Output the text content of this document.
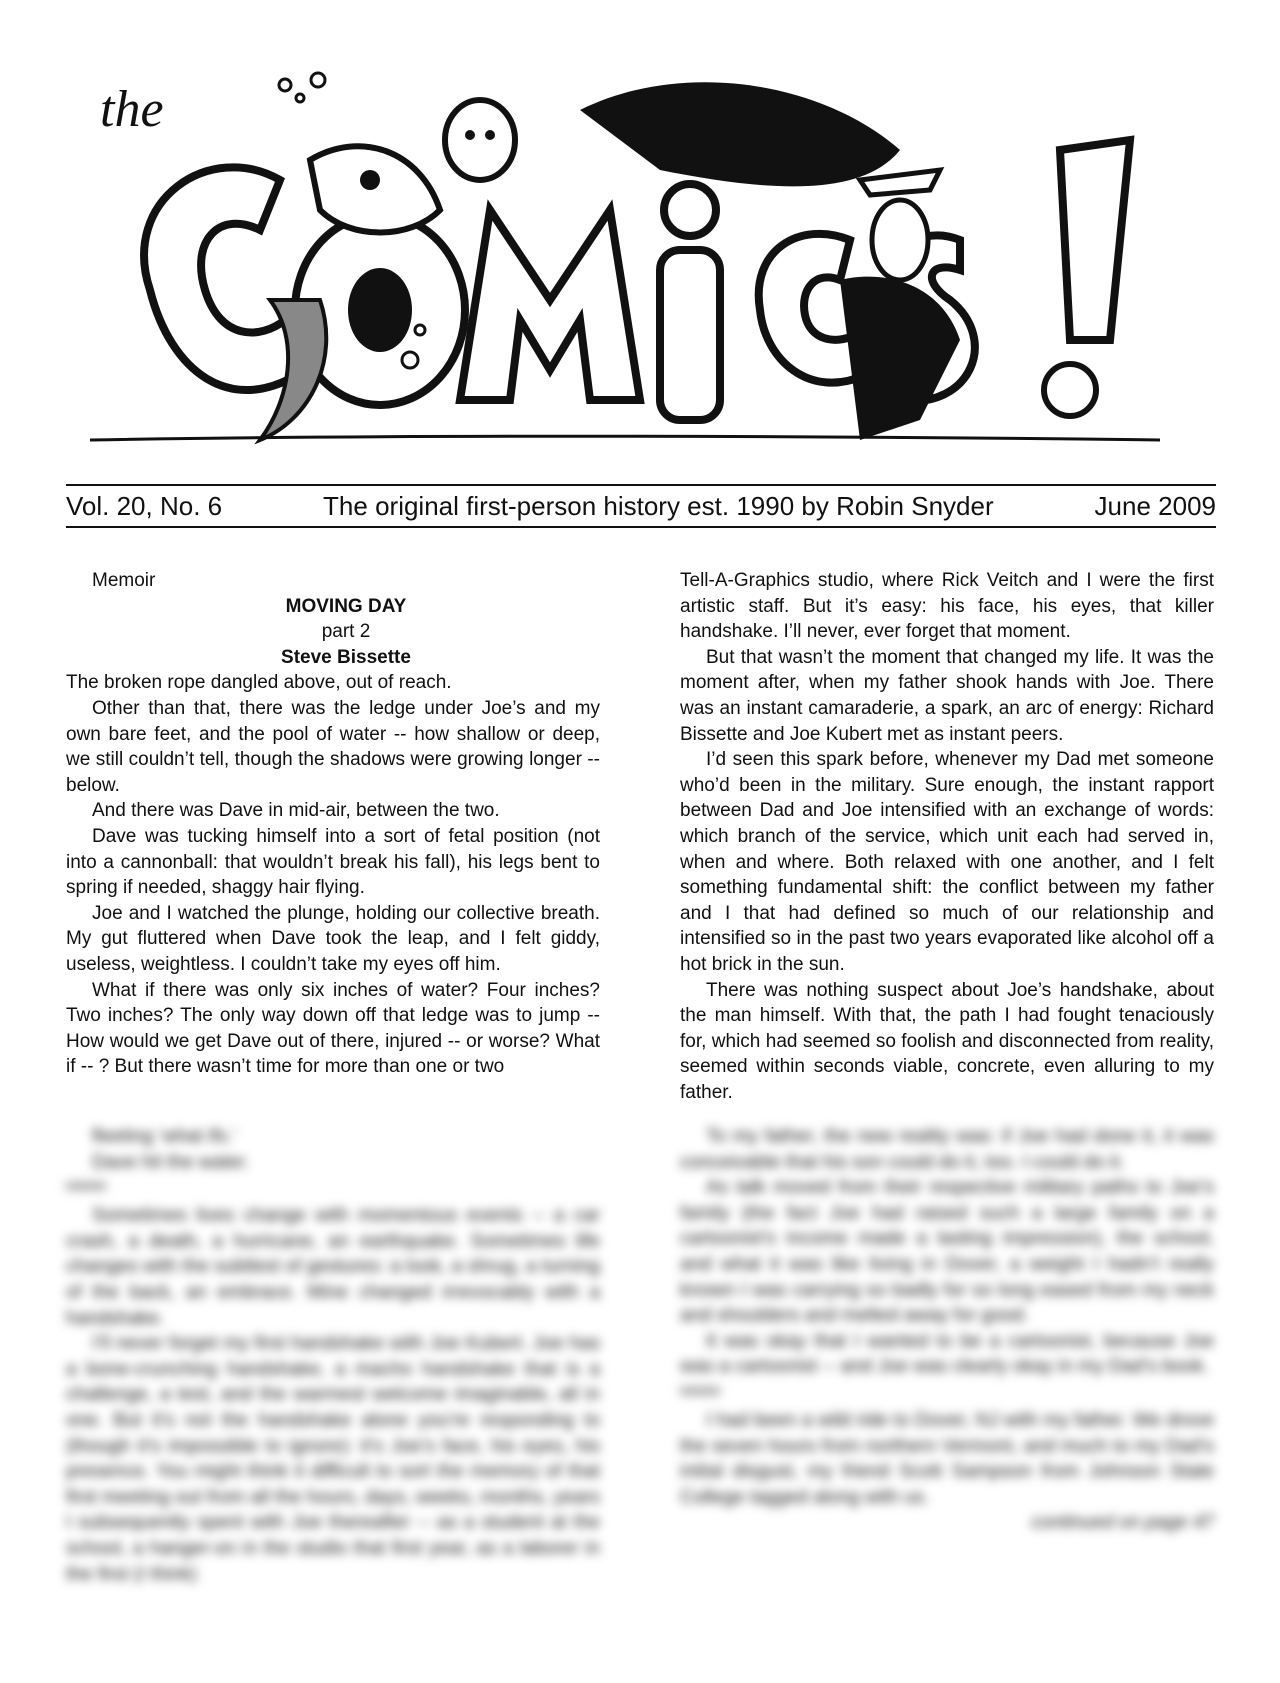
the
Vol. 20, No. 6	The original first-person history est. 1990 by Robin Snyder	June 2009

Memoir

MOVING DAY

part 2

Steve Bissette

The broken rope dangled above, out of reach.

Other than that, there was the ledge under Joe’s and my own bare feet, and the pool of water -- how shallow or deep, we still couldn’t tell, though the shadows were growing longer -- below.

And there was Dave in mid-air, between the two.

Dave was tucking himself into a sort of fetal position (not into a cannonball: that wouldn’t break his fall), his legs bent to spring if needed, shaggy hair flying.

Joe and I watched the plunge, holding our collective breath. My gut fluttered when Dave took the leap, and I felt giddy, useless, weightless. I couldn’t take my eyes off him.

What if there was only six inches of water? Four inches? Two inches? The only way down off that ledge was to jump -- How would we get Dave out of there, injured -- or worse? What if -- ? But there wasn’t time for more than one or two

fleeting ‘what ifs.’

Dave hit the water.

Sometimes lives change with momentous events -- a car crash, a death, a hurricane, an earthquake. Sometimes life changes with the subtlest of gestures: a look, a shrug, a turning of the back, an embrace. Mine changed irrevocably with a handshake.

I’ll never forget my first handshake with Joe Kubert. Joe has a bone-crunching handshake, a macho handshake that is a challenge, a test, and the warmest welcome imaginable, all in one. But it’s not the handshake alone you’re responding to (though it’s impossible to ignore): it’s Joe’s face, his eyes, his presence. You might think it difficult to sort the memory of that first meeting out from all the hours, days, weeks, months, years I subsequently spent with Joe thereafter -- as a student at the school, a hanger-on in the studio that first year, as a laborer in the first (I think)

Tell-A-Graphics studio, where Rick Veitch and I were the first artistic staff. But it’s easy: his face, his eyes, that killer handshake. I’ll never, ever forget that moment.

But that wasn’t the moment that changed my life. It was the moment after, when my father shook hands with Joe. There was an instant camaraderie, a spark, an arc of energy: Richard Bissette and Joe Kubert met as instant peers.

I’d seen this spark before, whenever my Dad met someone who’d been in the military. Sure enough, the instant rapport between Dad and Joe intensified with an exchange of words: which branch of the service, which unit each had served in, when and where. Both relaxed with one another, and I felt something fundamental shift: the conflict between my father and I that had defined so much of our relationship and intensified so in the past two years evaporated like alcohol off a hot brick in the sun.

There was nothing suspect about Joe’s handshake, about the man himself. With that, the path I had fought tenaciously for, which had seemed so foolish and disconnected from reality, seemed within seconds viable, concrete, even alluring to my father.

To my father, the new reality was: if Joe had done it, it was conceivable that his son could do it, too. I could do it.

As talk moved from their respective military paths to Joe’s family (the fact Joe had raised such a large family on a cartoonist’s income made a lasting impression), the school, and what it was like living in Dover, a weight I hadn’t really known I was carrying so badly for so long eased from my neck and shoulders and melted away for good.

It was okay that I wanted to be a cartoonist, because Joe was a cartoonist -- and Joe was clearly okay in my Dad’s book.

I had been a wild ride to Dover, NJ with my father. We drove the seven hours from northern Vermont, and much to my Dad’s initial disgust, my friend Scott Sampson from Johnson State College tagged along with us.

continued on page 47
